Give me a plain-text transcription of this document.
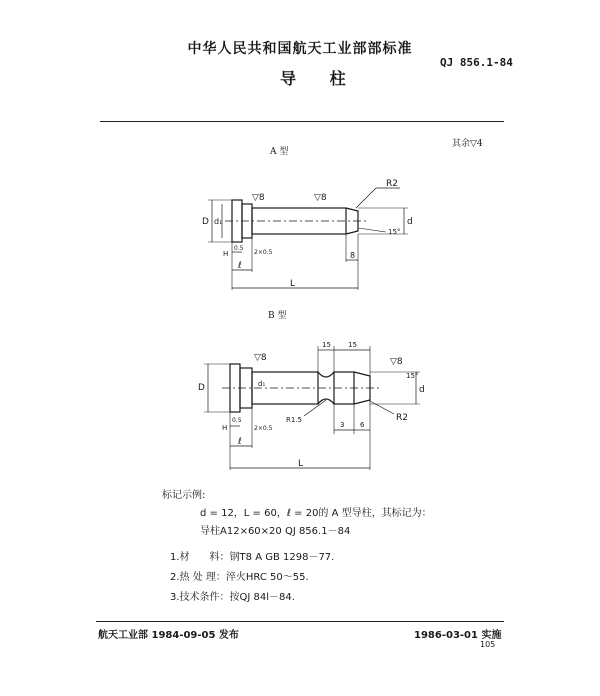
中华人民共和国航天工业部部标准
QJ 856.1-84
导 柱
其余▽4
A 型
▽8	▽8
R2
15°
D d₁	d
H
0.5
2×0.5	8
ℓ
L
B 型
▽8	▽8
15 15
D	d₁
d
H
0.5
2×0.5
R1.5
3 6
15°
R2
ℓ
L
标记示例:
d = 12，L = 60，ℓ = 20的 A 型导柱，其标记为：
导柱A12×60×20 QJ 856.1－84
1.材　　料：钢T8 A GB 1298－77.
2.热 处 理：淬火HRC 50～55.
3.技术条件：按QJ 84l－84.
航天工业部 1984-09-05 发布	1986-03-01 实施
105
